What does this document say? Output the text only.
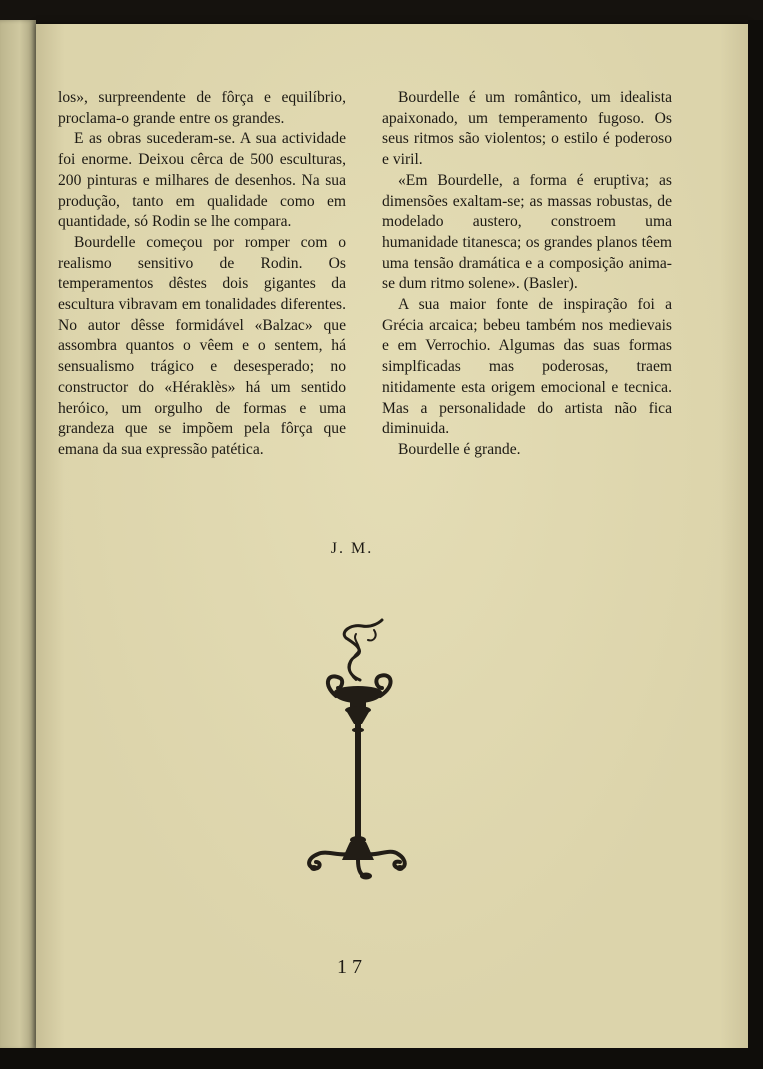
los», surpreendente de fôrça e equilíbrio, proclama-o grande entre os grandes.

E as obras sucederam-se. A sua actividade foi enorme. Deixou cêrca de 500 esculturas, 200 pinturas e milhares de desenhos. Na sua produção, tanto em qualidade como em quantidade, só Rodin se lhe compara.

Bourdelle começou por romper com o realismo sensitivo de Rodin. Os temperamentos dêstes dois gigantes da escultura vibravam em tonalidades diferentes. No autor dêsse formidável «Balzac» que assombra quantos o vêem e o sentem, há sensualismo trágico e desesperado; no constructor do «Héraklès» há um sentido heróico, um orgulho de formas e uma grandeza que se impõem pela fôrça que emana da sua expressão patética.

Bourdelle é um romântico, um idealista apaixonado, um temperamento fugoso. Os seus ritmos são violentos; o estilo é poderoso e viril.

«Em Bourdelle, a forma é eruptiva; as dimensões exaltam-se; as massas robustas, de modelado austero, constroem uma humanidade titanesca; os grandes planos têem uma tensão dramática e a composição anima-se dum ritmo solene». (Basler).

A sua maior fonte de inspiração foi a Grécia arcaica; bebeu também nos medievais e em Verrochio. Algumas das suas formas simplficadas mas poderosas, traem nitidamente esta origem emocional e tecnica. Mas a personalidade do artista não fica diminuida.

Bourdelle é grande.

J. M.
17
